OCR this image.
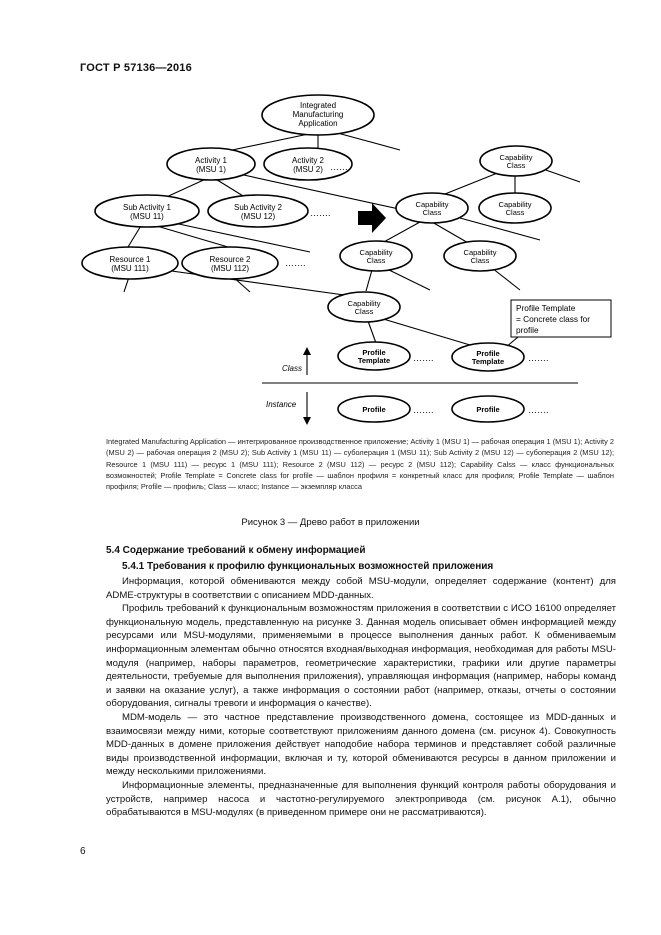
ГОСТ Р 57136—2016
Integrated
Manufacturing
Application
Activity 1
(MSU 1)
Activity 2
(MSU 2)
Sub Activity 1
(MSU 11)
Sub Activity 2
(MSU 12)
Resource 1
(MSU 111)
Resource 2
(MSU 112)
Capability
Class
Capability
Class
Capability
Class
Capability
Class
Capability
Class
Capability
Class
Profile
Template
Profile
Template
Profile	Profile
Profile Template
= Concrete class for
profile
Class
Instance
…….
…….
…….
…….	…….
…….	…….
Integrated Manufacturing Application — интегрированное производственное приложение; Activity 1 (MSU 1) — рабочая операция 1 (MSU 1); Activity 2 (MSU 2) — рабочая операция 2 (MSU 2); Sub Activity 1 (MSU 11) — суболерация 1 (MSU 11); Sub Activity 2 (MSU 12) — субоперация 2 (MSU 12); Resource 1 (MSU 111) — ресурс 1 (MSU 111); Resource 2 (MSU 112) — ресурс 2 (MSU 112); Capability Calss — класс функциональных возможностей; Profile Template = Concrete class for profile — шаблон профиля = конкретный класс для профиля; Profile Template — шаблон профиля; Profile — профиль; Class — класс; Instance — экземпляр класса
Рисунок 3 — Древо работ в приложении
5.4 Содержание требований к обмену информацией
5.4.1 Требования к профилю функциональных возможностей приложения

Информация, которой обмениваются между собой MSU-модули, определяет содержание (контент) для ADME-структуры в соответствии с описанием MDD-данных.

Профиль требований к функциональным возможностям приложения в соответствии с ИСО 16100 определяет функциональную модель, представленную на рисунке 3. Данная модель описывает обмен информацией между ресурсами или MSU-модулями, применяемыми в процессе выполнения данных работ. К обмениваемым информационным элементам обычно относятся входная/выходная информация, необходимая для работы MSU-модуля (например, наборы параметров, геометрические характеристики, графики или другие параметры деятельности, требуемые для выполнения приложения), управляющая информация (например, наборы команд и заявки на оказание услуг), а также информация о состоянии работ (например, отказы, отчеты о состоянии оборудования, сигналы тревоги и информация о качестве).

MDM-модель — это частное представление производственного домена, состоящее из MDD-данных и взаимосвязи между ними, которые соответствуют приложениям данного домена (см. рисунок 4). Совокупность MDD-данных в домене приложения действует наподобие набора терминов и представляет собой различные виды производственной информации, включая и ту, которой обмениваются ресурсы в данном приложении и между несколькими приложениями.

Информационные элементы, предназначенные для выполнения функций контроля работы оборудования и устройств, например насоса и частотно-регулируемого электропривода (см. рисунок А.1), обычно обрабатываются в MSU-модулях (в приведенном примере они не рассматриваются).

6
